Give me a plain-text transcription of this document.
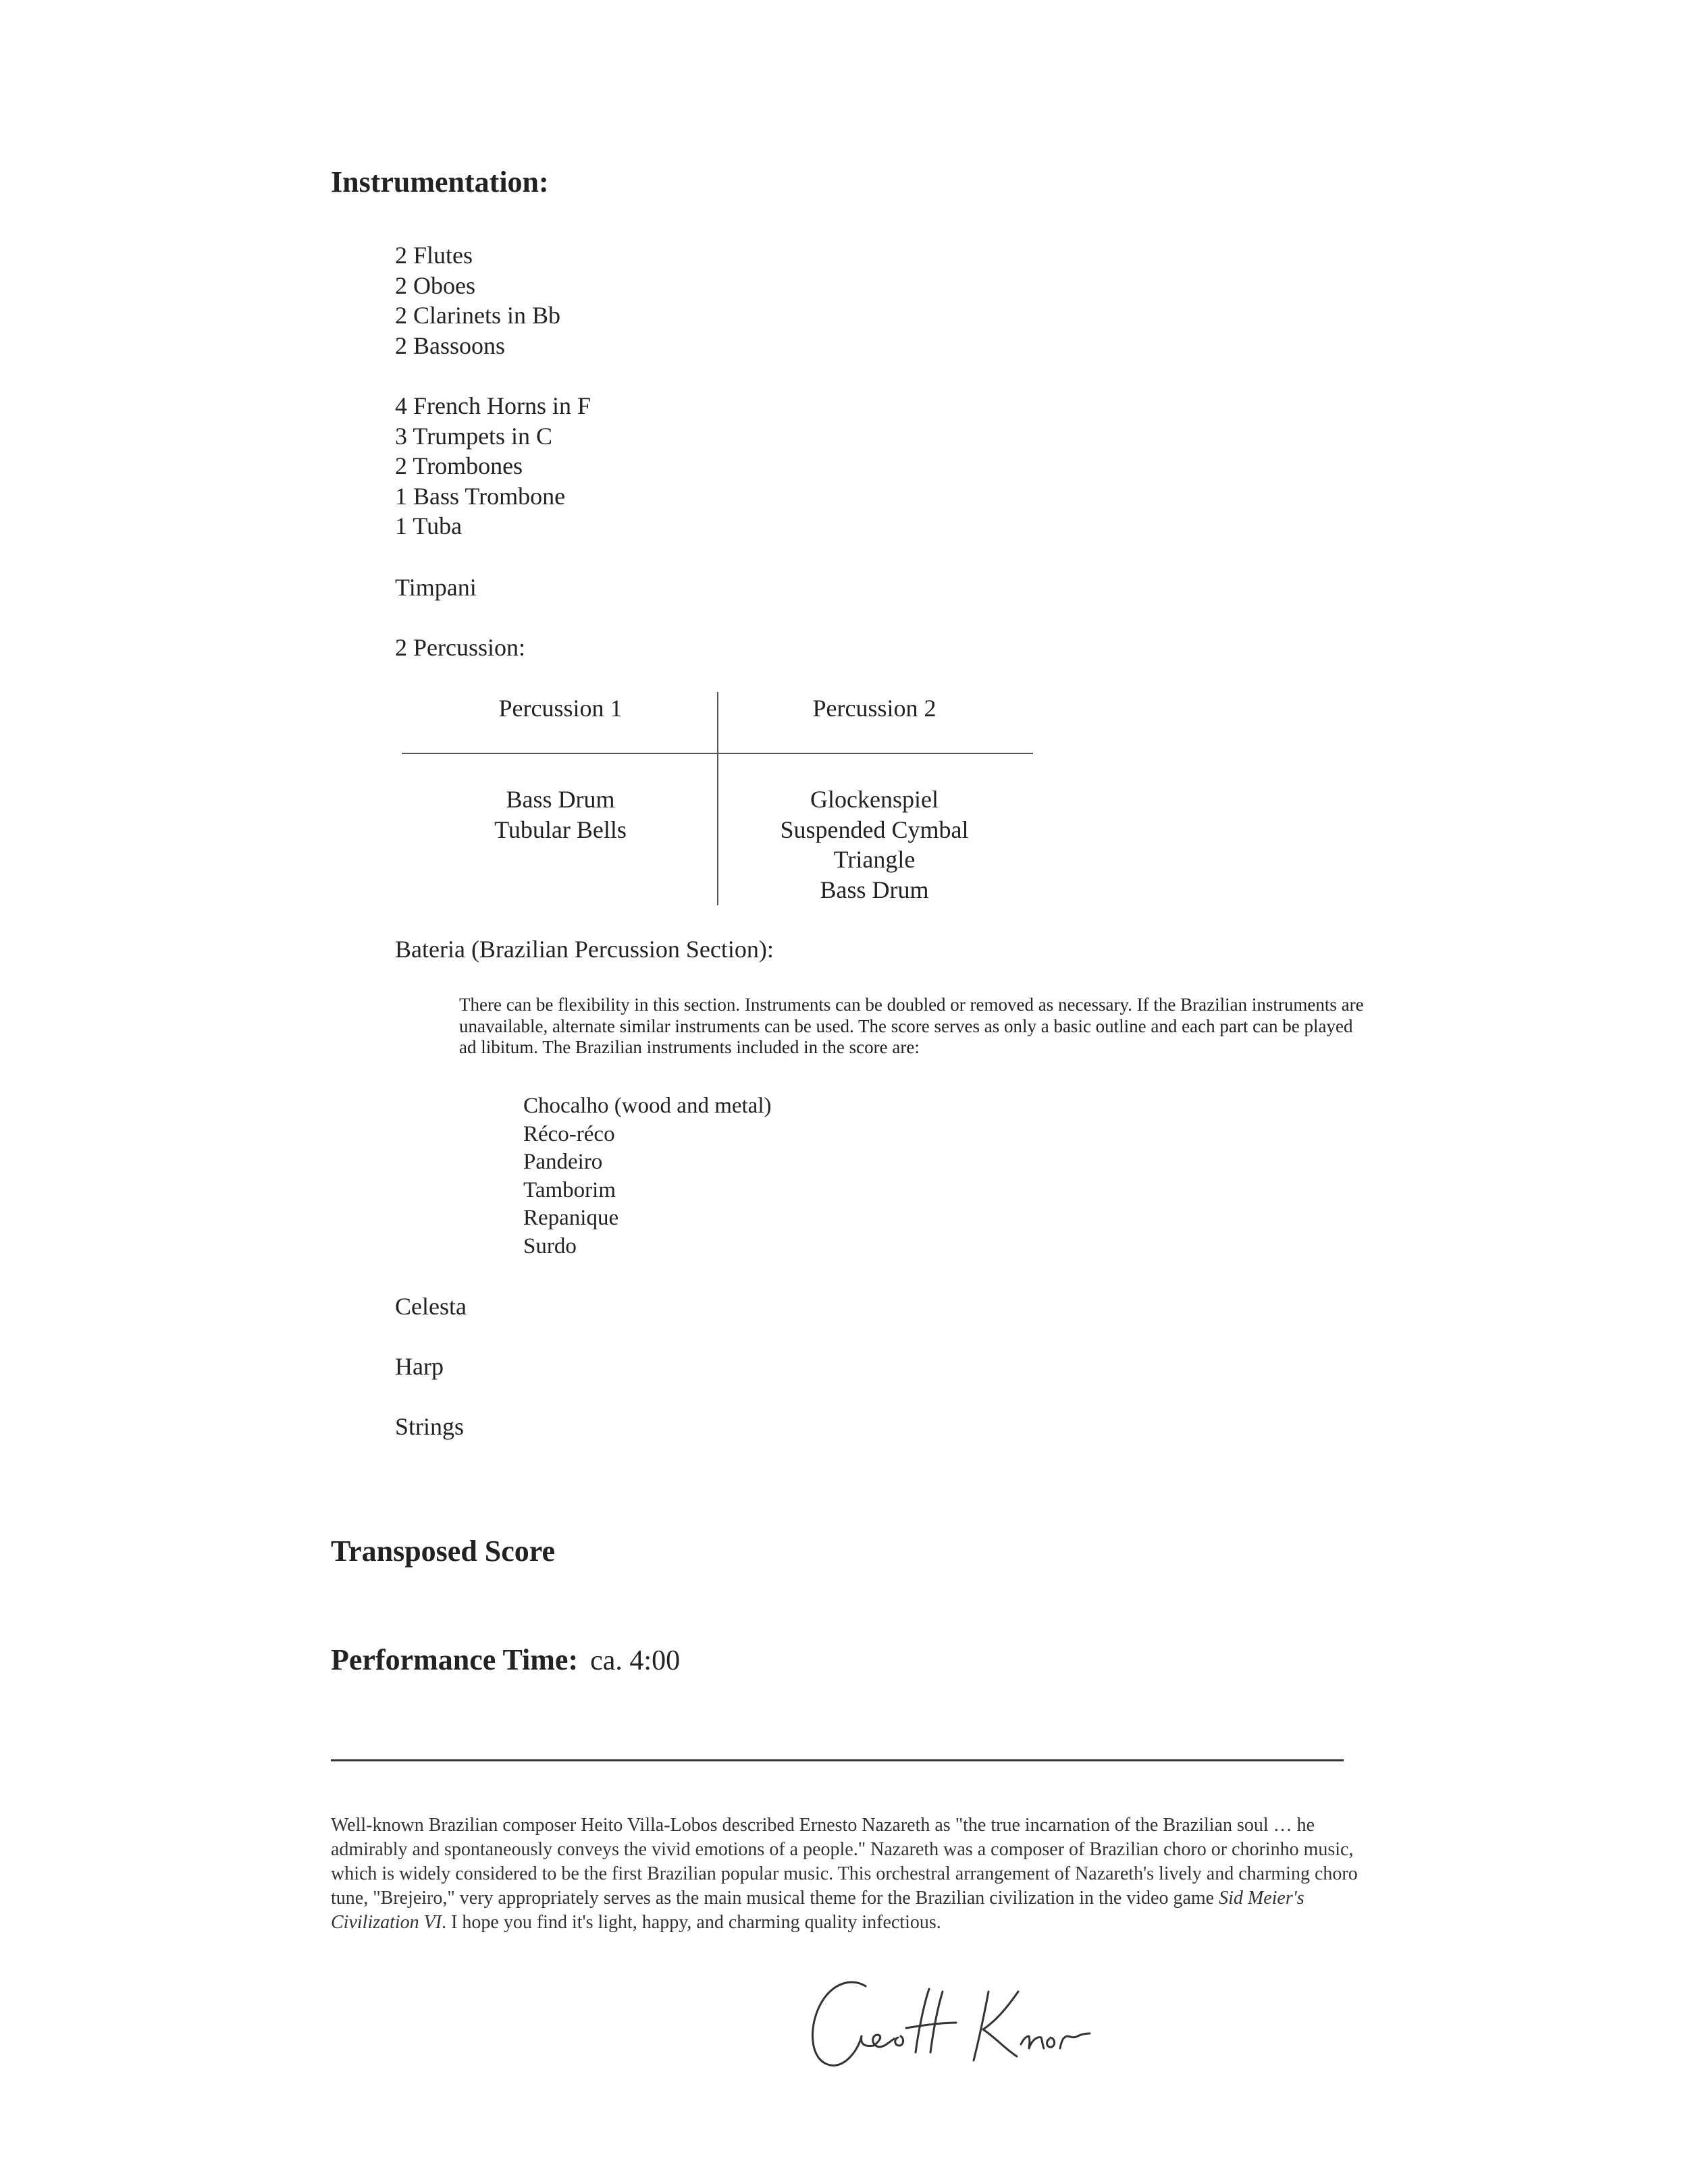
Instrumentation:
2 Flutes
2 Oboes
2 Clarinets in Bb
2 Bassoons
4 French Horns in F
3 Trumpets in C
2 Trombones
1 Bass Trombone
1 Tuba
Timpani
2 Percussion:
Percussion 1	Percussion 2
Bass Drum
Tubular Bells
Glockenspiel
Suspended Cymbal
Triangle
Bass Drum
Bateria (Brazilian Percussion Section):

There can be flexibility in this section. Instruments can be doubled or removed as necessary. If the Brazilian instruments are unavailable, alternate similar instruments can be used. The score serves as only a basic outline and each part can be played ad libitum. The Brazilian instruments included in the score are:

Chocalho (wood and metal)
Réco-réco
Pandeiro
Tamborim
Repanique
Surdo
Celesta
Harp
Strings
Transposed Score
Performance Time: ca. 4:00

Well-known Brazilian composer Heito Villa-Lobos described Ernesto Nazareth as "the true incarnation of the Brazilian soul … he admirably and spontaneously conveys the vivid emotions of a people." Nazareth was a composer of Brazilian choro or chorinho music, which is widely considered to be the first Brazilian popular music. This orchestral arrangement of Nazareth's lively and charming choro tune, "Brejeiro," very appropriately serves as the main musical theme for the Brazilian civilization in the video game Sid Meier's Civilization VI. I hope you find it's light, happy, and charming quality infectious.
